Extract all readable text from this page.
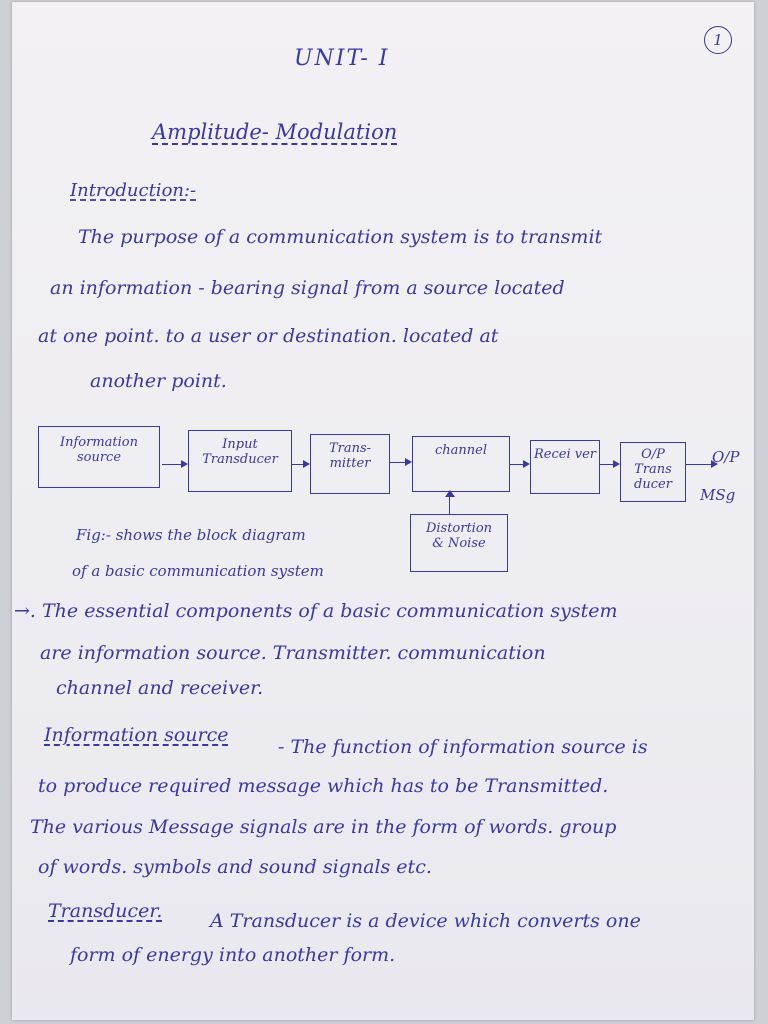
1
UNIT- I
Amplitude- Modulation
Introduction:-
The purpose of a communication system is to transmit
an information - bearing signal from a source located
at one point. to a user or destination. located at
another point.
Information source
Input Transducer
Trans- mitter
channel	Recei ver	O/P Trans ducer
O/P
MSg
Distortion & Noise
Fig:- shows the block diagram
of a basic communication system
→. The essential components of a basic communication system
are information source. Transmitter. communication
channel and receiver.
Information source
- The function of information source is
to produce required message which has to be Transmitted.
The various Message signals are in the form of words. group
of words. symbols and sound signals etc.
Transducer.	A Transducer is a device which converts one
form of energy into another form.
